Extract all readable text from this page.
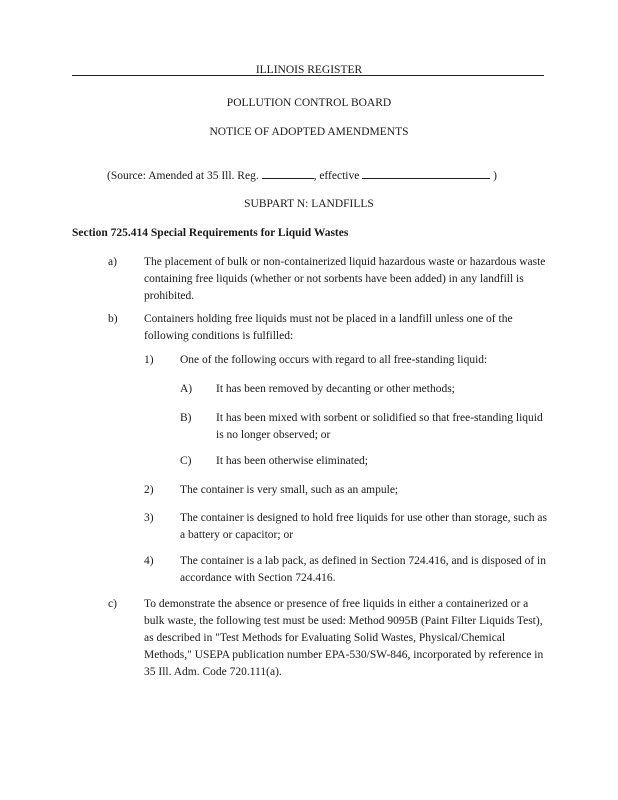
ILLINOIS REGISTER
POLLUTION CONTROL BOARD
NOTICE OF ADOPTED AMENDMENTS
(Source: Amended at 35 Ill. Reg.	, effective	)
SUBPART N: LANDFILLS
Section 725.414 Special Requirements for Liquid Wastes
a) The placement of bulk or non-containerized liquid hazardous waste or hazardous waste containing free liquids (whether or not sorbents have been added) in any landfill is prohibited.
b) Containers holding free liquids must not be placed in a landfill unless one of the following conditions is fulfilled:
1) One of the following occurs with regard to all free-standing liquid:
A) It has been removed by decanting or other methods;
B) It has been mixed with sorbent or solidified so that free-standing liquid is no longer observed; or
C) It has been otherwise eliminated;
2) The container is very small, such as an ampule;
3) The container is designed to hold free liquids for use other than storage, such as a battery or capacitor; or
4) The container is a lab pack, as defined in Section 724.416, and is disposed of in accordance with Section 724.416.
c) To demonstrate the absence or presence of free liquids in either a containerized or a bulk waste, the following test must be used: Method 9095B (Paint Filter Liquids Test), as described in "Test Methods for Evaluating Solid Wastes, Physical/Chemical Methods," USEPA publication number EPA-530/SW-846, incorporated by reference in 35 Ill. Adm. Code 720.111(a).
